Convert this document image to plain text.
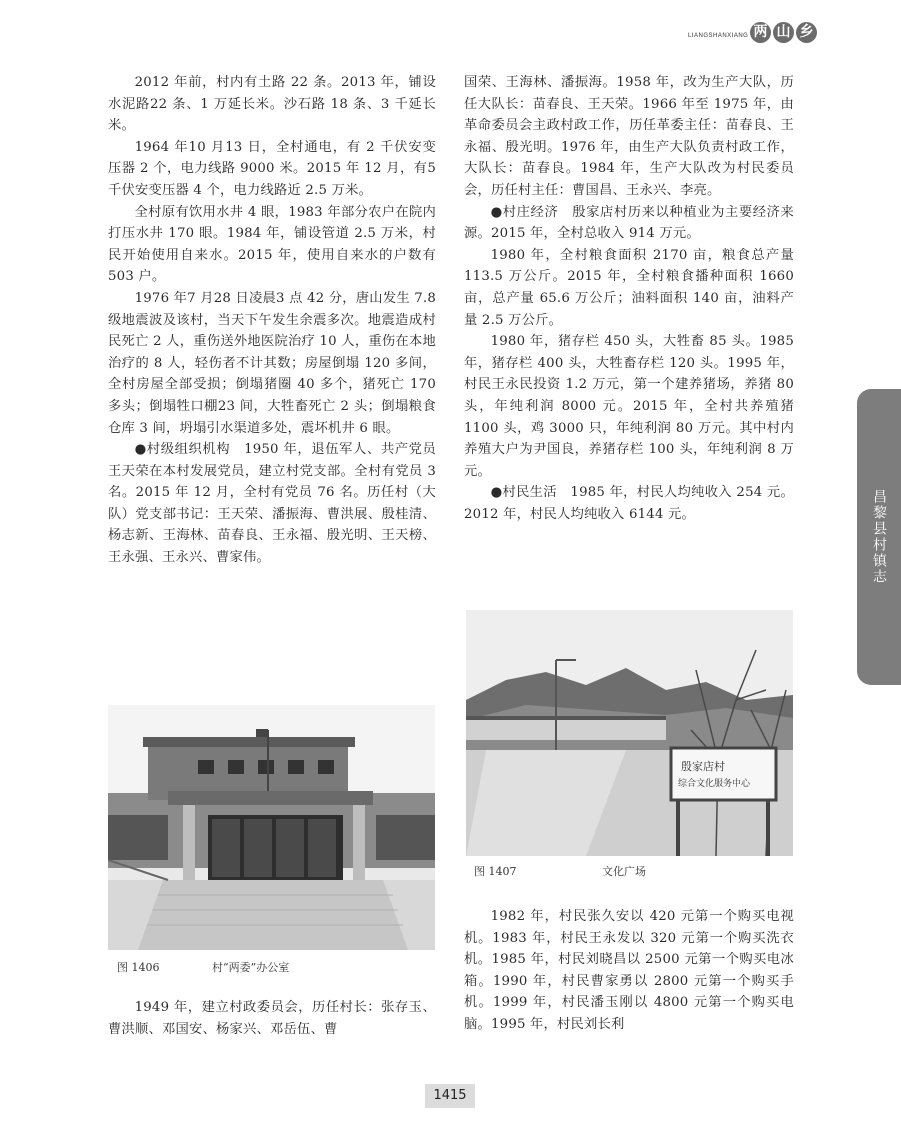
LIANGSHANXIANG 两 山 乡
昌黎县村镇志

2012 年前，村内有土路 22 条。2013 年，铺设水泥路22 条、1 万延长米。沙石路 18 条、3 千延长米。

1964 年10 月13 日，全村通电，有 2 千伏安变压器 2 个，电力线路 9000 米。2015 年 12 月，有5 千伏安变压器 4 个，电力线路近 2.5 万米。

全村原有饮用水井 4 眼，1983 年部分农户在院内打压水井 170 眼。1984 年，铺设管道 2.5 万米，村民开始使用自来水。2015 年，使用自来水的户数有 503 户。

1976 年7 月28 日凌晨3 点 42 分，唐山发生 7.8 级地震波及该村，当天下午发生余震多次。地震造成村民死亡 2 人，重伤送外地医院治疗 10 人，重伤在本地治疗的 8 人，轻伤者不计其数；房屋倒塌 120 多间，全村房屋全部受损；倒塌猪圈 40 多个，猪死亡 170 多头；倒塌牲口棚23 间，大牲畜死亡 2 头；倒塌粮食仓库 3 间，坍塌引水渠道多处，震坏机井 6 眼。

●村级组织机构　1950 年，退伍军人、共产党员王天荣在本村发展党员，建立村党支部。全村有党员 3 名。2015 年 12 月，全村有党员 76 名。历任村（大队）党支部书记：王天荣、潘振海、曹洪展、殷桂清、杨志新、王海林、苗春良、王永福、殷光明、王天榜、王永强、王永兴、曹家伟。

图 1406	村“两委”办公室

1949 年，建立村政委员会，历任村长：张存玉、曹洪顺、邓国安、杨家兴、邓岳伍、曹

国荣、王海林、潘振海。1958 年，改为生产大队，历任大队长：苗春良、王天荣。1966 年至 1975 年，由革命委员会主政村政工作，历任革委主任：苗春良、王永福、殷光明。1976 年，由生产大队负责村政工作，大队长：苗春良。1984 年，生产大队改为村民委员会，历任村主任：曹国昌、王永兴、李亮。

●村庄经济　殷家店村历来以种植业为主要经济来源。2015 年，全村总收入 914 万元。

1980 年，全村粮食面积 2170 亩，粮食总产量 113.5 万公斤。2015 年，全村粮食播种面积 1660 亩，总产量 65.6 万公斤；油料面积 140 亩，油料产量 2.5 万公斤。

1980 年，猪存栏 450 头，大牲畜 85 头。1985 年，猪存栏 400 头，大牲畜存栏 120 头。1995 年，村民王永民投资 1.2 万元，第一个建养猪场，养猪 80 头，年纯利润 8000 元。2015 年，全村共养殖猪 1100 头，鸡 3000 只，年纯利润 80 万元。其中村内养殖大户为尹国良，养猪存栏 100 头，年纯利润 8 万元。

●村民生活　1985 年，村民人均纯收入 254 元。2012 年，村民人均纯收入 6144 元。

殷家店村
综合文化服务中心
图 1407	文化广场

1982 年，村民张久安以 420 元第一个购买电视机。1983 年，村民王永发以 320 元第一个购买洗衣机。1985 年，村民刘晓昌以 2500 元第一个购买电冰箱。1990 年，村民曹家勇以 2800 元第一个购买手机。1999 年，村民潘玉刚以 4800 元第一个购买电脑。1995 年，村民刘长利

1415
